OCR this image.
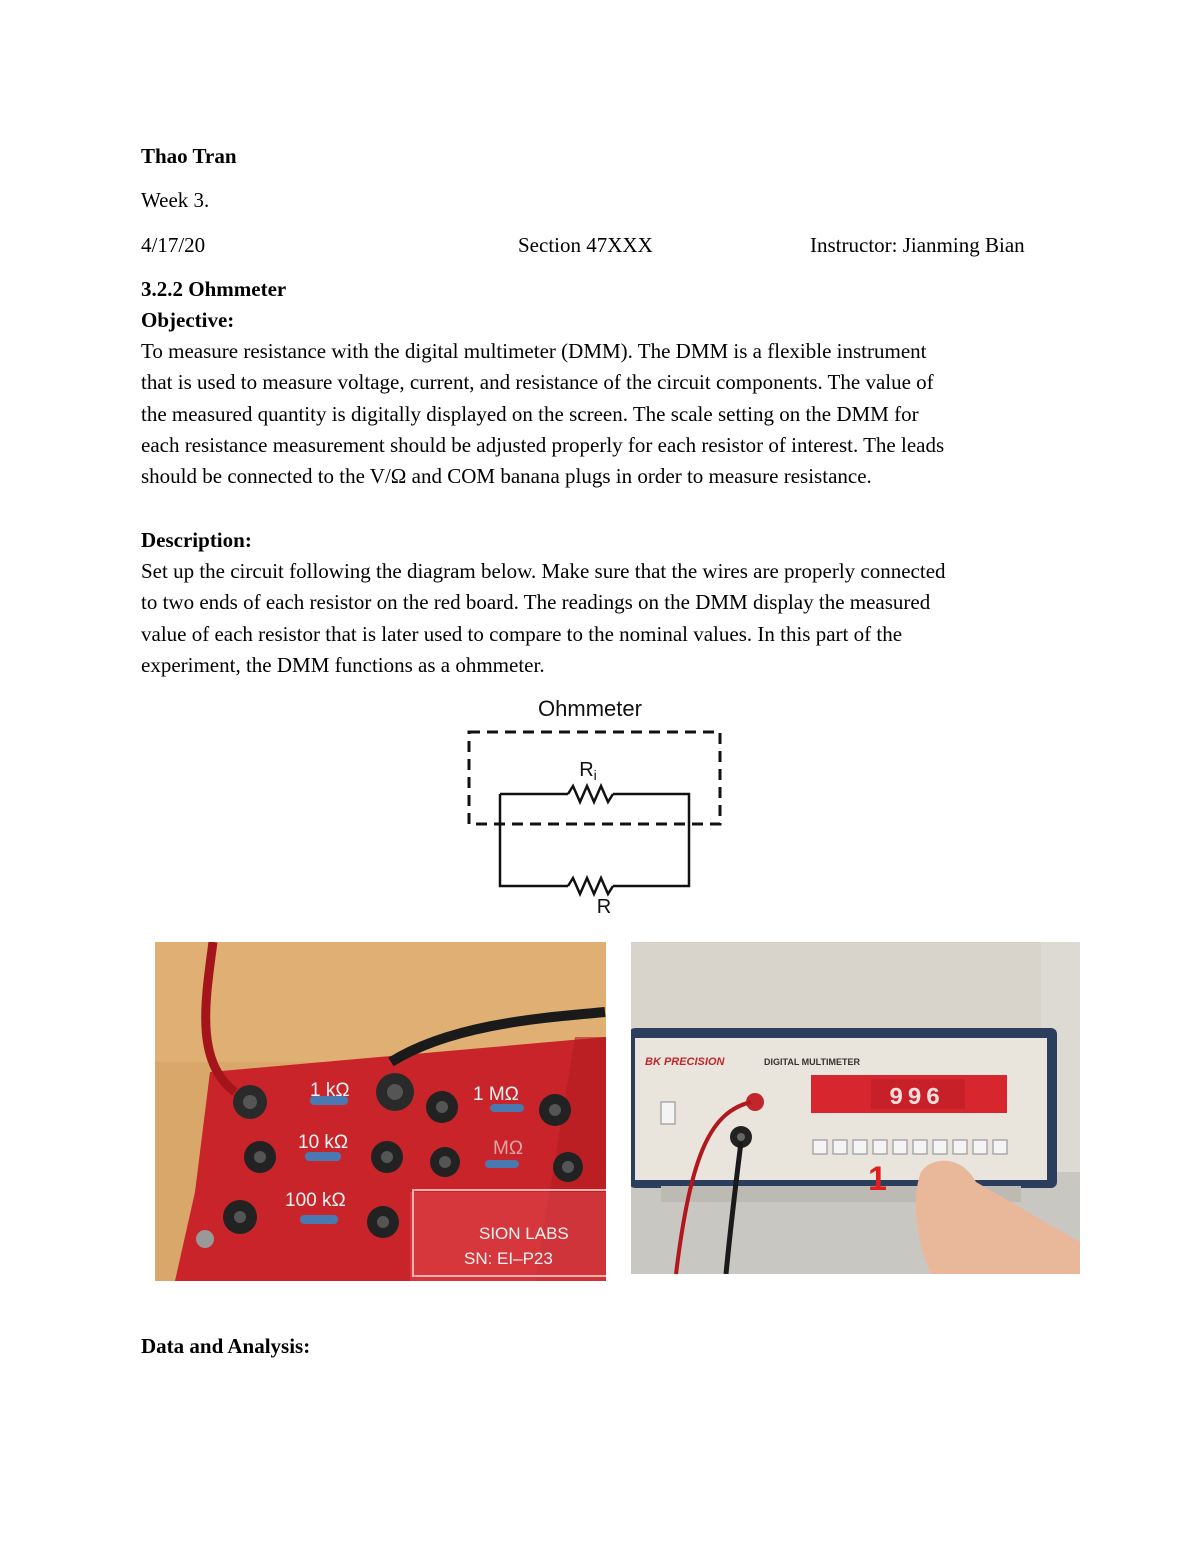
Thao Tran
Week 3.
4/17/20	Section 47XXX	Instructor: Jianming Bian
3.2.2 Ohmmeter
Objective:
To measure resistance with the digital multimeter (DMM). The DMM is a flexible instrument
that is used to measure voltage, current, and resistance of the circuit components. The value of
the measured quantity is digitally displayed on the screen. The scale setting on the DMM for
each resistance measurement should be adjusted properly for each resistor of interest. The leads
should be connected to the V/Ω and COM banana plugs in order to measure resistance.
Description:
Set up the circuit following the diagram below. Make sure that the wires are properly connected
to two ends of each resistor on the red board. The readings on the DMM display the measured
value of each resistor that is later used to compare to the nominal values. In this part of the
experiment, the DMM functions as a ohmmeter.
Ohmmeter
$R_i$
R
1 kΩ
10 kΩ
100 kΩ
1 MΩ
MΩ
SION LABS
SN: EI–P23
BK PRECISION	DIGITAL MULTIMETER
996
1
Data and Analysis:
